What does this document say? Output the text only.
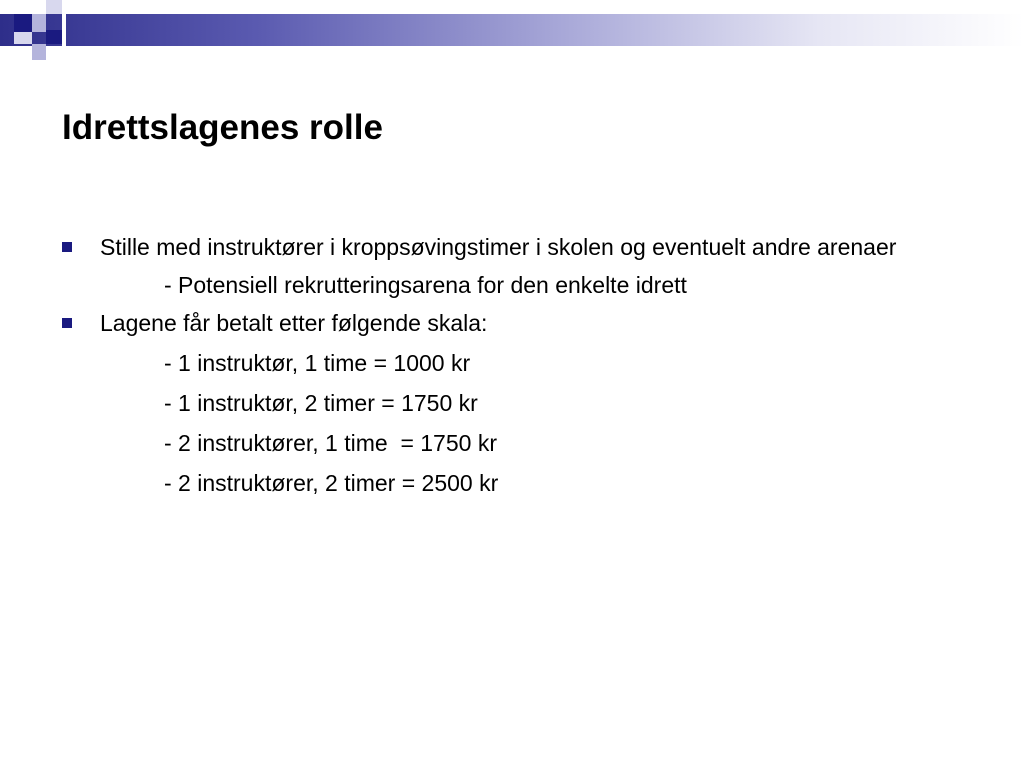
Idrettslagenes rolle
Stille med instruktører i kroppsøvingstimer i skolen og eventuelt andre arenaer
- Potensiell rekrutteringsarena for den enkelte idrett
Lagene får betalt etter følgende skala:
- 1 instruktør, 1 time = 1000 kr
- 1 instruktør, 2 timer = 1750 kr
- 2 instruktører, 1 time  = 1750 kr
- 2 instruktører, 2 timer = 2500 kr
